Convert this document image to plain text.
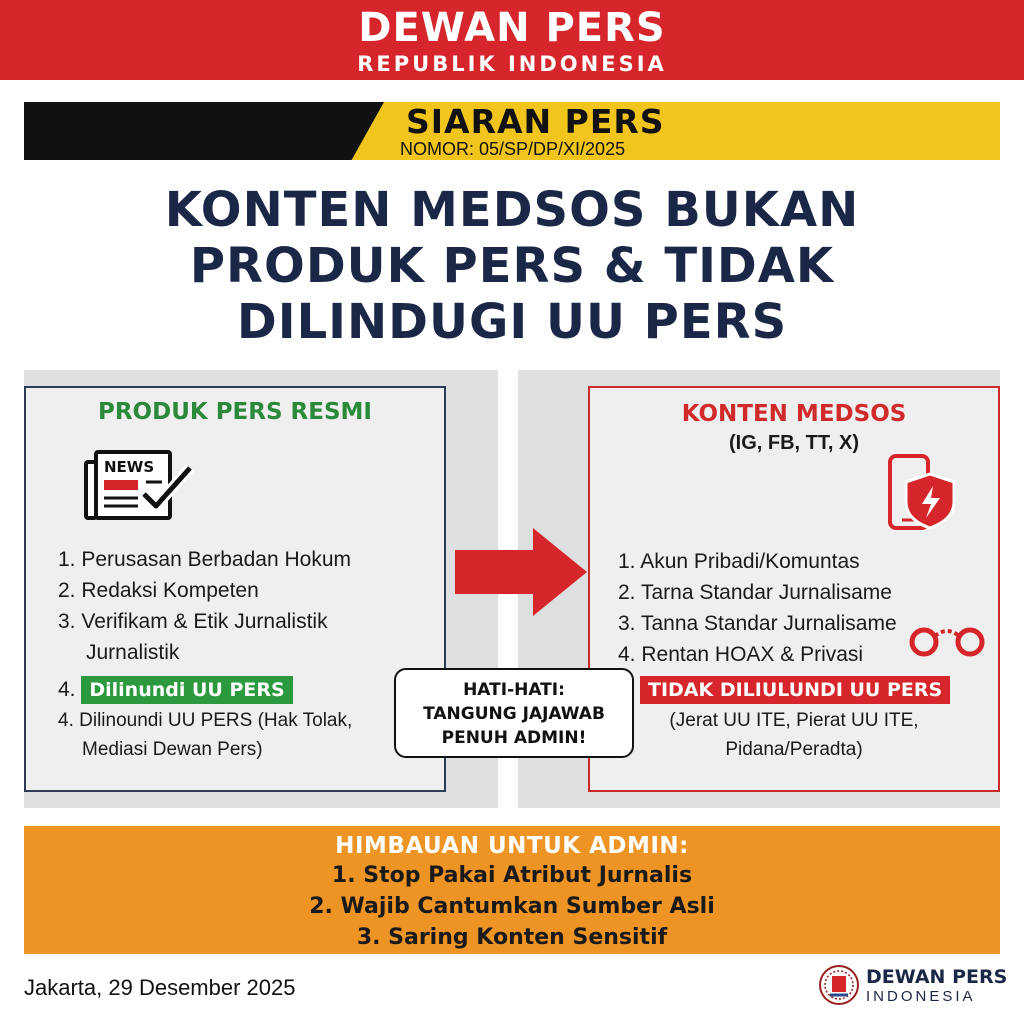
DEWAN PERS
REPUBLIK INDONESIA
SIARAN PERS
NOMOR: 05/SP/DP/XI/2025
KONTEN MEDSOS BUKAN
PRODUK PERS & TIDAK
DILINDUGI UU PERS
PRODUK PERS RESMI
NEWS
1. Perusasan Berbadan Hokum
2. Redaksi Kompeten
3. Verifikam & Etik Jurnalistik
Jurnalistik
4. Dilinundi UU PERS
4. Dilinoundi UU PERS (Hak Tolak,
Mediasi Dewan Pers)
KONTEN MEDSOS
(IG, FB, TT, X)
1. Akun Pribadi/Komuntas
2. Tarna Standar Jurnalisame
3. Tanna Standar Jurnalisame
4. Rentan HOAX & Privasi
TIDAK DILIULUNDI UU PERS
(Jerat UU ITE, Pierat UU ITE,
Pidana/Peradta)
HATI-HATI:
TANGUNG JAJAWAB
PENUH ADMIN!
HIMBAUAN UNTUK ADMIN:
1. Stop Pakai Atribut Jurnalis
2. Wajib Cantumkan Sumber Asli
3. Saring Konten Sensitif
Jakarta, 29 Desember 2025	DEWAN PERS
INDONESIA
